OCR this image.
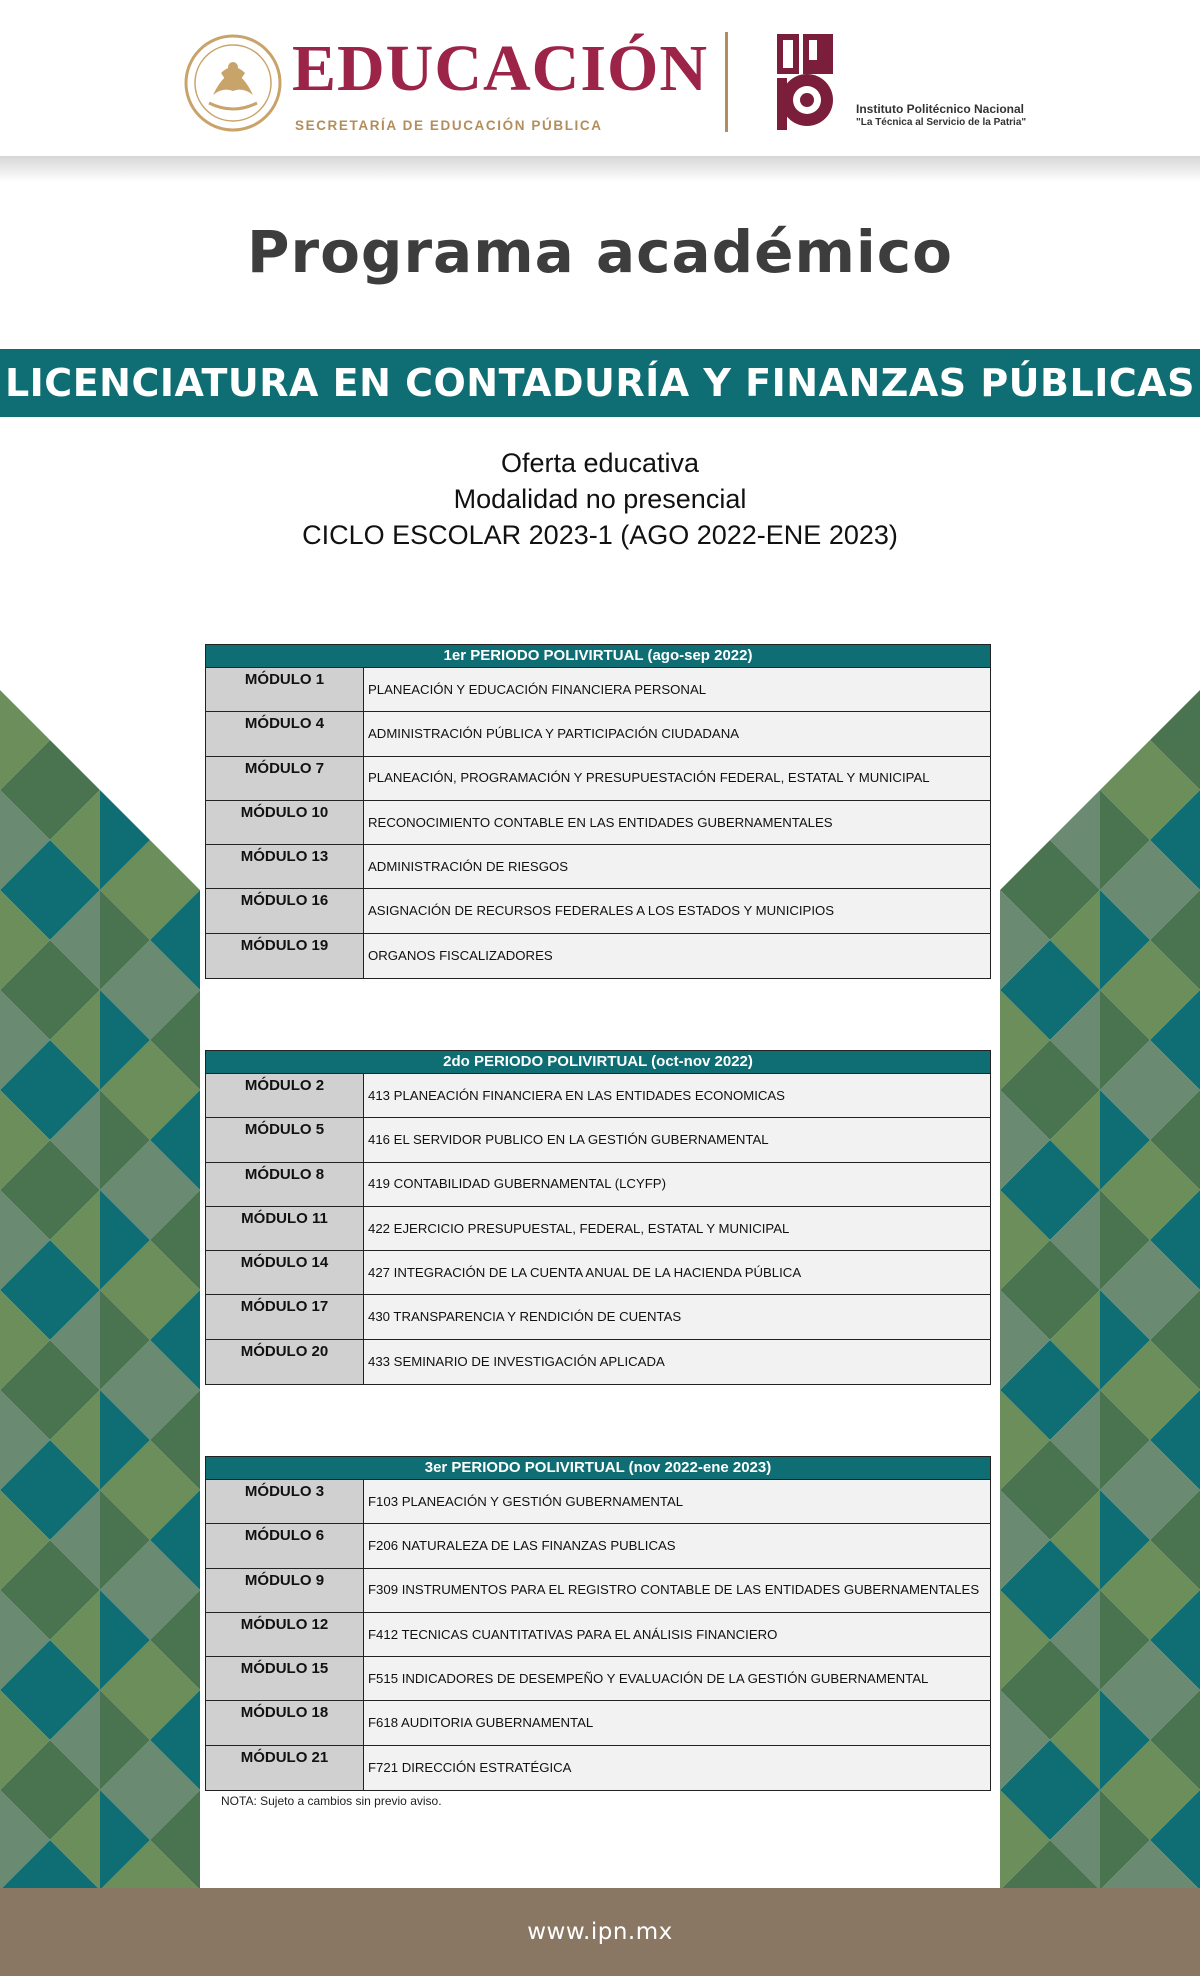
EDUCACIÓN
SECRETARÍA DE EDUCACIÓN PÚBLICA
Instituto Politécnico Nacional
"La Técnica al Servicio de la Patria"
Programa académico
LICENCIATURA EN CONTADURÍA Y FINANZAS PÚBLICAS
Oferta educativa
Modalidad no presencial
CICLO ESCOLAR 2023-1 (AGO 2022-ENE 2023)
1er PERIODO POLIVIRTUAL (ago-sep 2022)
MÓDULO 1
PLANEACIÓN Y EDUCACIÓN FINANCIERA PERSONAL
MÓDULO 4
ADMINISTRACIÓN PÚBLICA Y PARTICIPACIÓN CIUDADANA
MÓDULO 7
PLANEACIÓN, PROGRAMACIÓN Y PRESUPUESTACIÓN FEDERAL, ESTATAL Y MUNICIPAL
MÓDULO 10
RECONOCIMIENTO CONTABLE EN LAS ENTIDADES GUBERNAMENTALES
MÓDULO 13
ADMINISTRACIÓN DE RIESGOS
MÓDULO 16
ASIGNACIÓN DE RECURSOS FEDERALES A LOS ESTADOS Y MUNICIPIOS
MÓDULO 19
ORGANOS FISCALIZADORES
2do PERIODO POLIVIRTUAL (oct-nov 2022)
MÓDULO 2
413 PLANEACIÓN FINANCIERA EN LAS ENTIDADES ECONOMICAS
MÓDULO 5
416 EL SERVIDOR PUBLICO EN LA GESTIÓN GUBERNAMENTAL
MÓDULO 8
419 CONTABILIDAD GUBERNAMENTAL (LCYFP)
MÓDULO 11
422 EJERCICIO PRESUPUESTAL, FEDERAL, ESTATAL Y MUNICIPAL
MÓDULO 14
427 INTEGRACIÓN DE LA CUENTA ANUAL DE LA HACIENDA PÚBLICA
MÓDULO 17
430 TRANSPARENCIA Y RENDICIÓN DE CUENTAS
MÓDULO 20
433 SEMINARIO DE INVESTIGACIÓN APLICADA
3er PERIODO POLIVIRTUAL (nov 2022-ene 2023)
MÓDULO 3
F103 PLANEACIÓN Y GESTIÓN GUBERNAMENTAL
MÓDULO 6
F206 NATURALEZA DE LAS FINANZAS PUBLICAS
MÓDULO 9
F309 INSTRUMENTOS PARA EL REGISTRO CONTABLE DE LAS ENTIDADES GUBERNAMENTALES
MÓDULO 12
F412 TECNICAS CUANTITATIVAS PARA EL ANÁLISIS FINANCIERO
MÓDULO 15
F515 INDICADORES DE DESEMPEÑO Y EVALUACIÓN DE LA GESTIÓN GUBERNAMENTAL
MÓDULO 18
F618 AUDITORIA GUBERNAMENTAL
MÓDULO 21
F721 DIRECCIÓN ESTRATÉGICA
NOTA: Sujeto a cambios sin previo aviso.
www.ipn.mx
